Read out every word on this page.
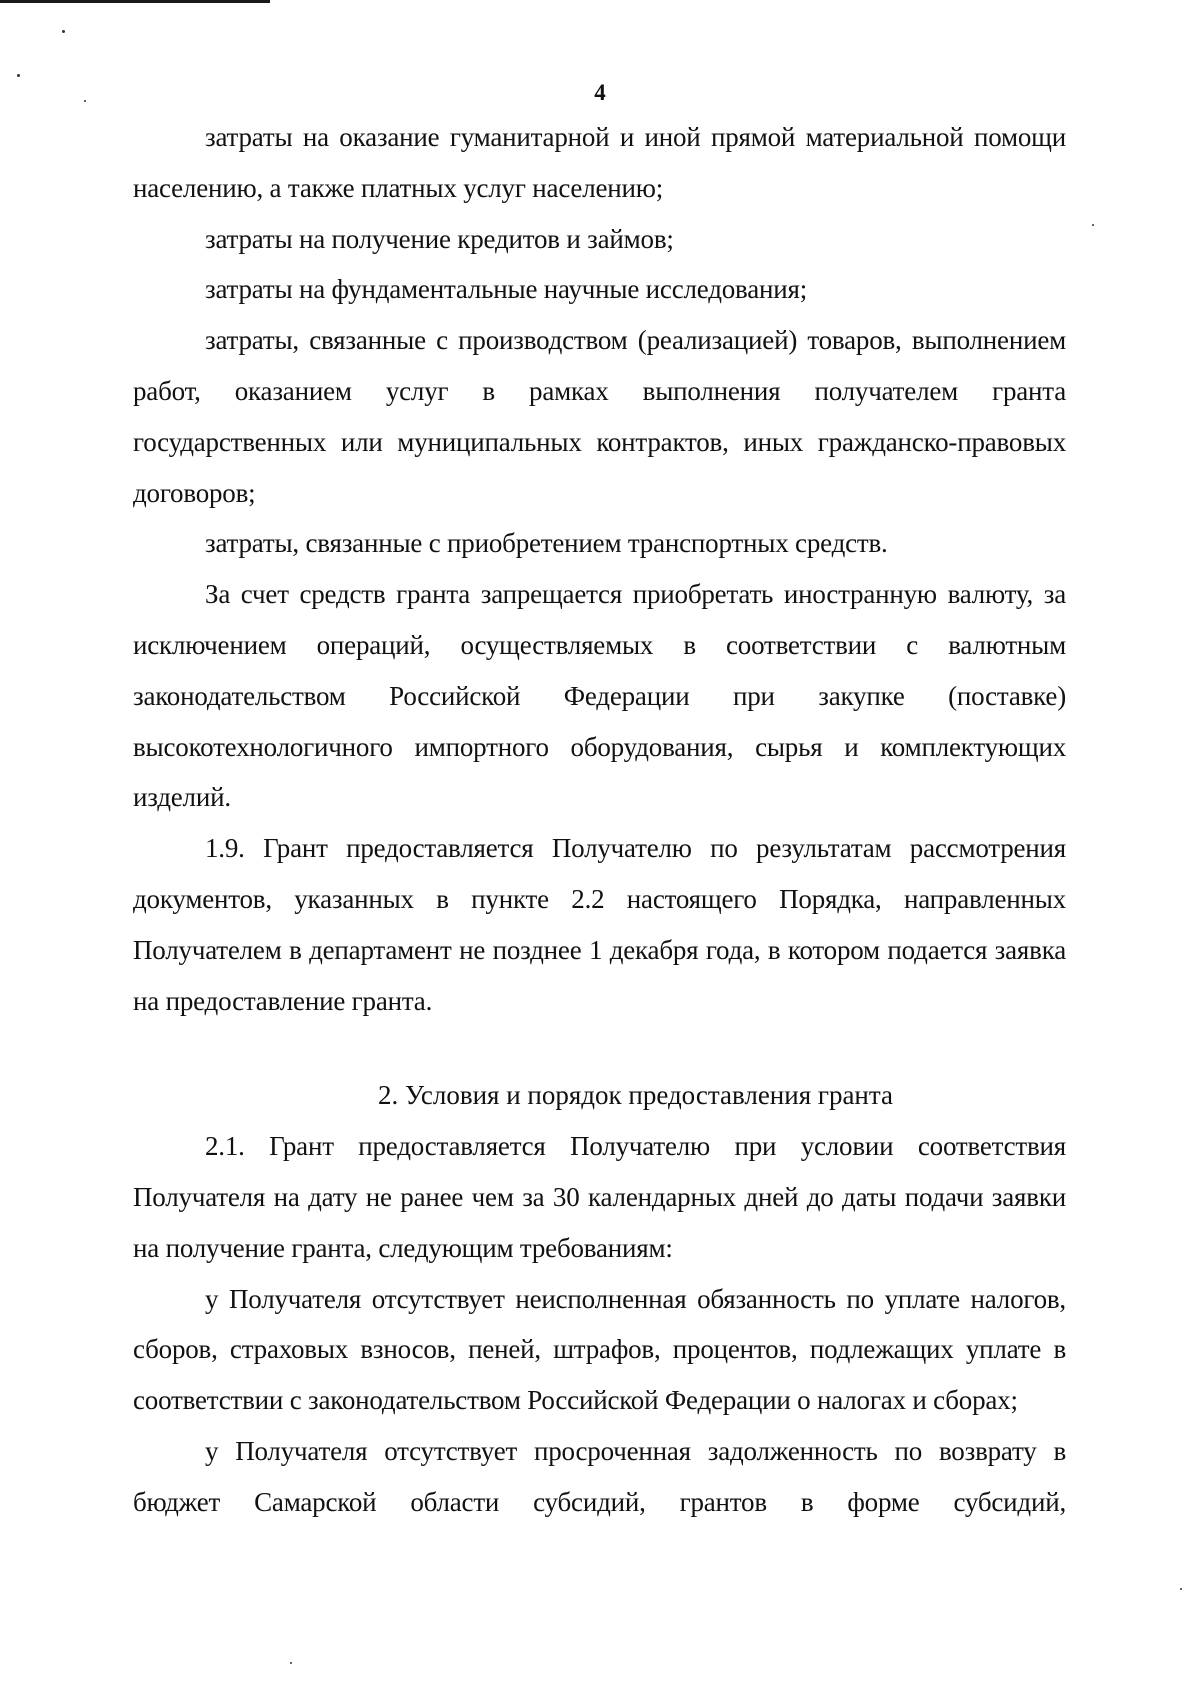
4

затраты на оказание гуманитарной и иной прямой материальной помощи населению, а также платных услуг населению;

затраты на получение кредитов и займов;

затраты на фундаментальные научные исследования;

затраты, связанные с производством (реализацией) товаров, выполнением работ, оказанием услуг в рамках выполнения получателем гранта государственных или муниципальных контрактов, иных гражданско-правовых договоров;

затраты, связанные с приобретением транспортных средств.

За счет средств гранта запрещается приобретать иностранную валюту, за исключением операций, осуществляемых в соответствии с валютным законодательством Российской Федерации при закупке (поставке) высокотехнологичного импортного оборудования, сырья и комплектующих изделий.

1.9. Грант предоставляется Получателю по результатам рассмотрения документов, указанных в пункте 2.2 настоящего Порядка, направленных Получателем в департамент не позднее 1 декабря года, в котором подается заявка на предоставление гранта.

2. Условия и порядок предоставления гранта

2.1. Грант предоставляется Получателю при условии соответствия Получателя на дату не ранее чем за 30 календарных дней до даты подачи заявки на получение гранта, следующим требованиям:

у Получателя отсутствует неисполненная обязанность по уплате налогов, сборов, страховых взносов, пеней, штрафов, процентов, подлежащих уплате в соответствии с законодательством Российской Федерации о налогах и сборах;

у Получателя отсутствует просроченная задолженность по возврату в бюджет Самарской области субсидий, грантов в форме субсидий,
